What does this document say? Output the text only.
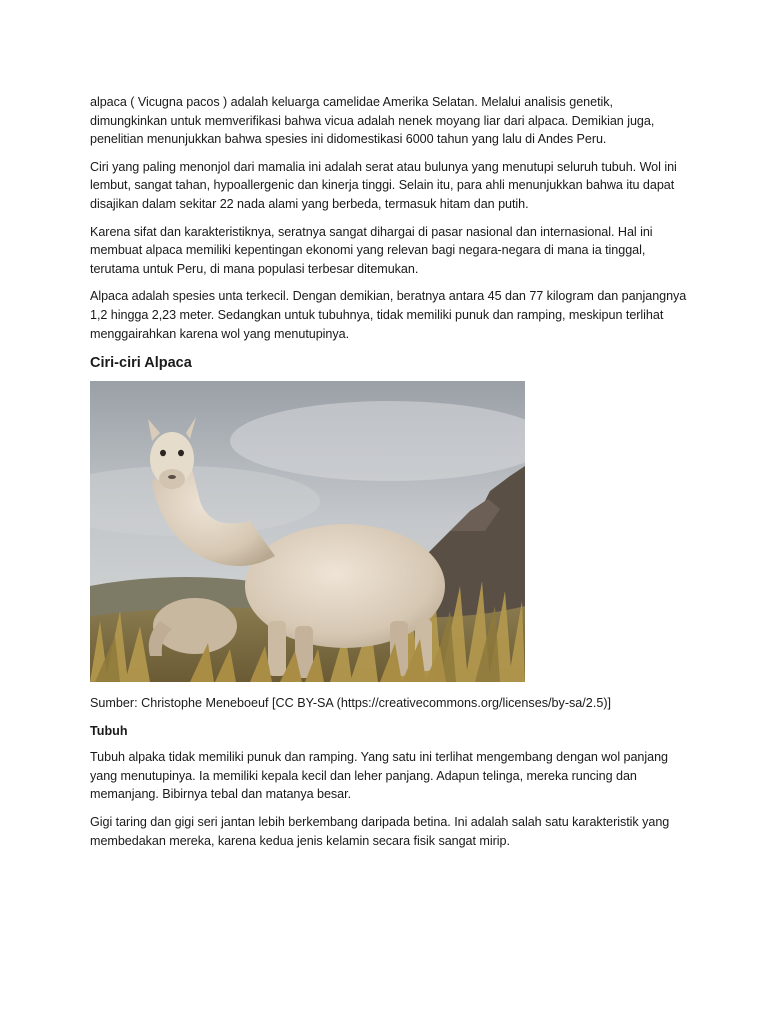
alpaca ( Vicugna pacos ) adalah keluarga camelidae Amerika Selatan. Melalui analisis genetik, dimungkinkan untuk memverifikasi bahwa vicua adalah nenek moyang liar dari alpaca. Demikian juga, penelitian menunjukkan bahwa spesies ini didomestikasi 6000 tahun yang lalu di Andes Peru.

Ciri yang paling menonjol dari mamalia ini adalah serat atau bulunya yang menutupi seluruh tubuh. Wol ini lembut, sangat tahan, hypoallergenic dan kinerja tinggi. Selain itu, para ahli menunjukkan bahwa itu dapat disajikan dalam sekitar 22 nada alami yang berbeda, termasuk hitam dan putih.

Karena sifat dan karakteristiknya, seratnya sangat dihargai di pasar nasional dan internasional. Hal ini membuat alpaca memiliki kepentingan ekonomi yang relevan bagi negara-negara di mana ia tinggal, terutama untuk Peru, di mana populasi terbesar ditemukan.

Alpaca adalah spesies unta terkecil. Dengan demikian, beratnya antara 45 dan 77 kilogram dan panjangnya 1,2 hingga 2,23 meter. Sedangkan untuk tubuhnya, tidak memiliki punuk dan ramping, meskipun terlihat menggairahkan karena wol yang menutupinya.

Ciri-ciri Alpaca

Sumber: Christophe Meneboeuf [CC BY-SA (https://creativecommons.org/licenses/by-sa/2.5)]

Tubuh

Tubuh alpaka tidak memiliki punuk dan ramping. Yang satu ini terlihat mengembang dengan wol panjang yang menutupinya. Ia memiliki kepala kecil dan leher panjang. Adapun telinga, mereka runcing dan memanjang. Bibirnya tebal dan matanya besar.

Gigi taring dan gigi seri jantan lebih berkembang daripada betina. Ini adalah salah satu karakteristik yang membedakan mereka, karena kedua jenis kelamin secara fisik sangat mirip.
